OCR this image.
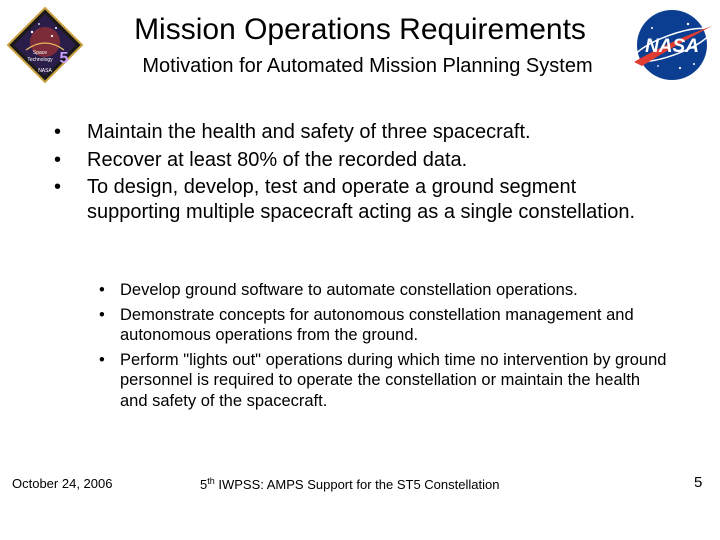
Space
Technology
NASA
5
Mission Operations Requirements
Motivation for Automated Mission Planning System
NASA
• Maintain the health and safety of three spacecraft.
• Recover at least 80% of the recorded data.
• To design, develop, test and operate a ground segment supporting multiple spacecraft acting as a single constellation.
• Develop ground software to automate constellation operations.
• Demonstrate concepts for autonomous constellation management and autonomous operations from the ground.
• Perform "lights out" operations during which time no intervention by ground personnel is required to operate the constellation or maintain the health and safety of the spacecraft.
October 24, 2006	5th IWPSS: AMPS Support for the ST5 Constellation	5
